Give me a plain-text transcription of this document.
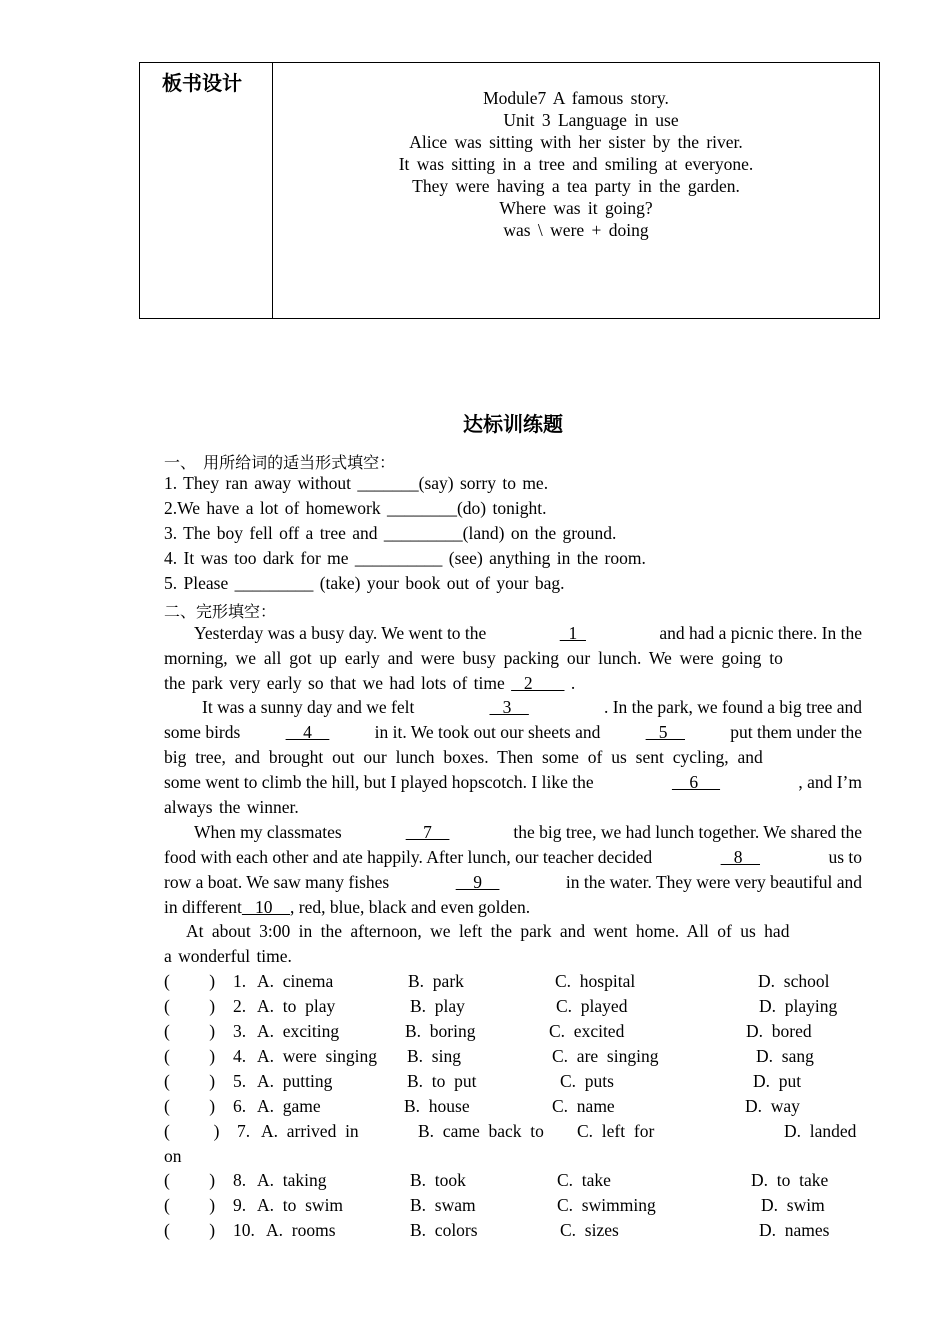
板书设计
Module7 A famous story.
Unit 3 Language in use
Alice was sitting with her sister by the river.
It was sitting in a tree and smiling at everyone.
They were having a tea party in the garden.
Where was it going?
was \ were + doing
达标训练题
一、 用所给词的适当形式填空：
1. They ran away without _______(say) sorry to me.
2.We have a lot of homework ________(do) tonight.
3. The boy fell off a tree and _________(land) on the ground.
4. It was too dark for me __________ (see) anything in the room.
5. Please _________ (take) your book out of your bag.
二、完形填空：
Yesterday was a busy day. We went to the	1	and had a picnic there. In the
morning, we all got up early and were busy packing our lunch. We were going to
the park very early so that we had lots of time   2      .
It was a sunny day and we felt	3	. In the park, we found a big tree and
some birds	4	in it. We took out our sheets and	5	put them under the
big tree, and brought out our lunch boxes. Then some of us sent cycling, and
some went to climb the hill, but I played hopscotch. I like the	6	, and I’m
always the winner.
When my classmates	7	the big tree, we had lunch together. We shared the
food with each other and ate happily. After lunch, our teacher decided	8	us to
row a boat. We saw many fishes	9	in the water. They were very beautiful and
in different   10    , red, blue, black and even golden.
At about 3:00 in the afternoon, we left the park and went home. All of us had
a wonderful time.
(         ) 1. A.  cinema	B.  park	C.  hospital	D.  school
(         ) 2. A.  to  play	B.  play	C.  played	D.  playing
(         ) 3. A.  exciting	B.  boring	C.  excited	D.  bored
(         ) 4. A.  were  singing B.  sing	C.  are  singing	D.  sang
(         ) 5. A.  putting	B.  to  put	C.  puts	D.  put
(         ) 6. A.  game	B.  house	C.  name	D.  way
(          ) 7. A.  arrived  in	B.  came  back  to C.  left  for	D.  landed
on
(         ) 8. A.  taking	B.  took	C.  take	D.  to  take
(         ) 9. A.  to  swim	B.  swam	C.  swimming	D.  swim
(         ) 10. A.  rooms	B.  colors	C.  sizes	D.  names
